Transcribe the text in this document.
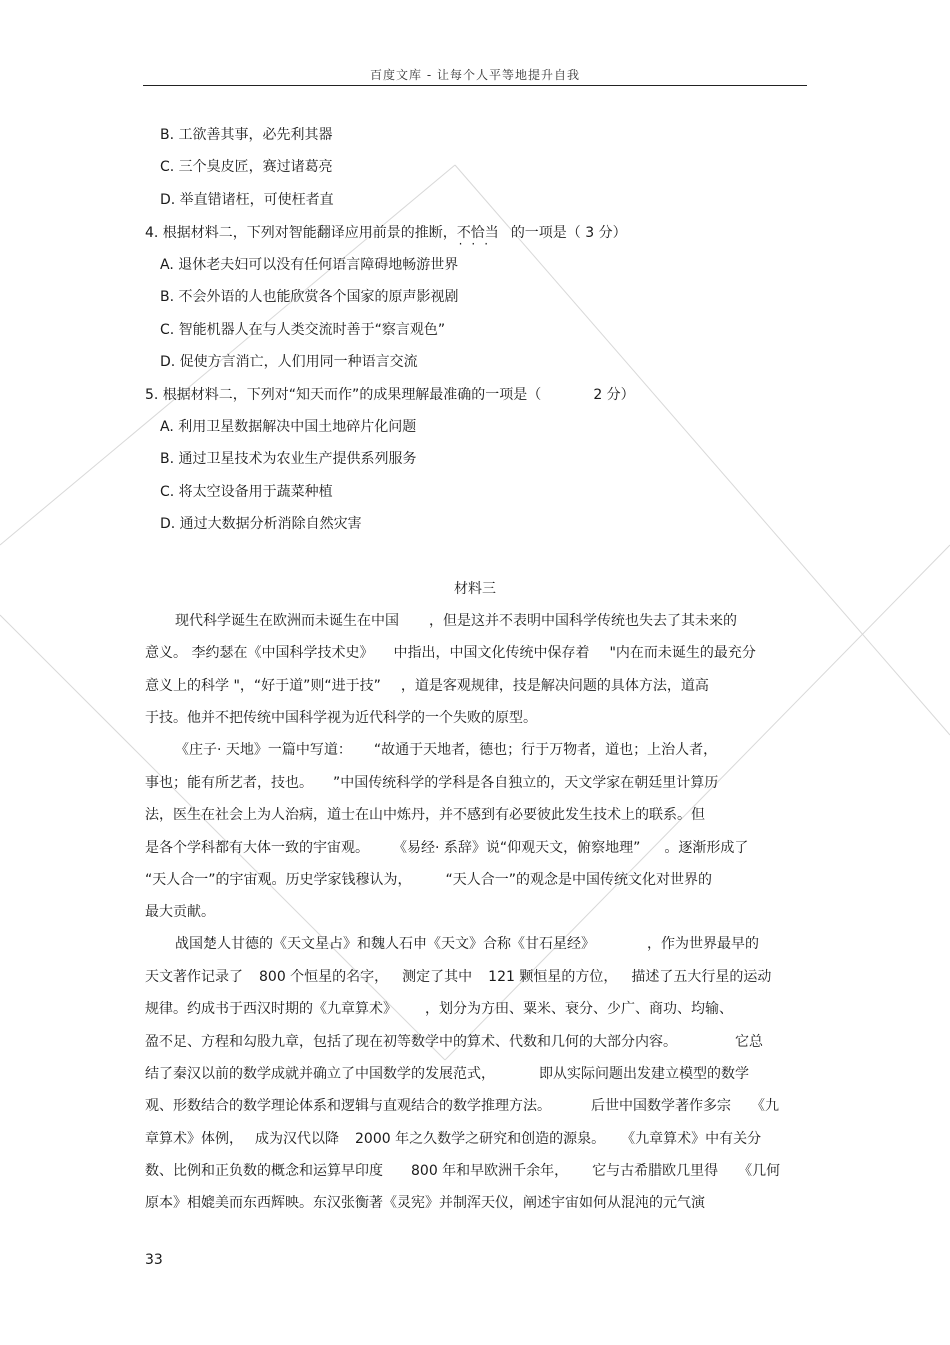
百度文库 - 让每个人平等地提升自我
B. 工欲善其事，必先利其器
C. 三个臭皮匠，赛过诸葛亮
D. 举直错诸枉，可使枉者直
4. 根据材料二，下列对智能翻译应用前景的推断，不恰当
···
的一项是（ 3 分）
A. 退休老夫妇可以没有任何语言障碍地畅游世界
B. 不会外语的人也能欣赏各个国家的原声影视剧
C. 智能机器人在与人类交流时善于“察言观色”
D. 促使方言消亡，人们用同一种语言交流
5. 根据材料二，下列对“知天而作”的成果理解最准确的一项是（	2 分）
A. 利用卫星数据解决中国土地碎片化问题
B. 通过卫星技术为农业生产提供系列服务
C. 将太空设备用于蔬菜种植
D. 通过大数据分析消除自然灾害
材料三
现代科学诞生在欧洲而未诞生在中国 ，但是这并不表明中国科学传统也失去了其未来的
意义。 李约瑟在《中国科学技术史》 中指出，中国文化传统中保存着 "内在而未诞生的最充分
意义上的科学 "，“好于道”则“进于技” ，道是客观规律，技是解决问题的具体方法，道高
于技。他并不把传统中国科学视为近代科学的一个失败的原型。
《庄子· 天地》一篇中写道： “故通于天地者，德也；行于万物者，道也；上治人者，
事也；能有所艺者，技也。 ”中国传统科学的学科是各自独立的，天文学家在朝廷里计算历
法，医生在社会上为人治病，道士在山中炼丹，并不感到有必要彼此发生技术上的联系。但
是各个学科都有大体一致的宇宙观。 《易经· 系辞》说“仰观天文，俯察地理” 。逐渐形成了
“天人合一”的宇宙观。历史学家钱穆认为， “天人合一”的观念是中国传统文化对世界的
最大贡献。
战国楚人甘德的《天文星占》和魏人石申《天文》合称《甘石星经》	，作为世界最早的
天文著作记录了 800 个恒星的名字， 测定了其中 121 颗恒星的方位， 描述了五大行星的运动
规律。约成书于西汉时期的《九章算术》 ，划分为方田、粟米、衰分、少广、商功、均输、
盈不足、方程和勾股九章，包括了现在初等数学中的算术、代数和几何的大部分内容。	它总
结了秦汉以前的数学成就并确立了中国数学的发展范式，	即从实际问题出发建立模型的数学
观、形数结合的数学理论体系和逻辑与直观结合的数学推理方法。	后世中国数学著作多宗 《九
章算术》体例， 成为汉代以降 2000 年之久数学之研究和创造的源泉。 《九章算术》中有关分
数、比例和正负数的概念和运算早印度 800 年和早欧洲千余年， 它与古希腊欧几里得 《几何
原本》相媲美而东西辉映。东汉张衡著《灵宪》并制浑天仪，阐述宇宙如何从混沌的元气演
33
